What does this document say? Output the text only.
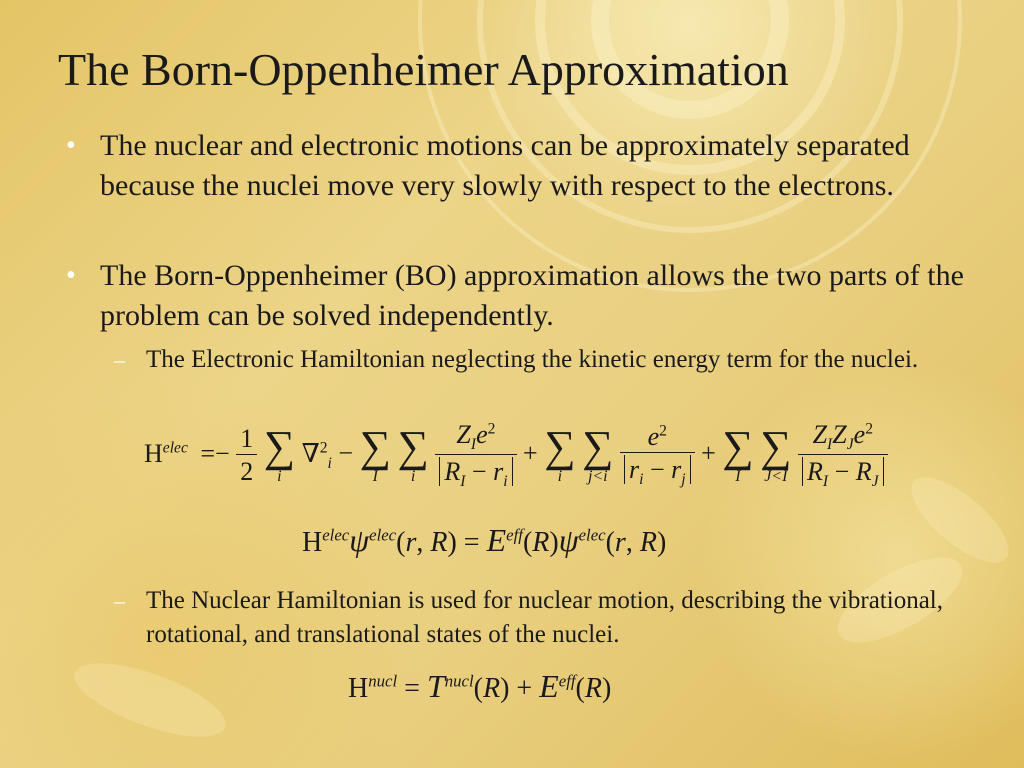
The Born-Oppenheimer Approximation
• The nuclear and electronic motions can be approximately separated because the nuclei move very slowly with respect to the electrons.
• The Born-Oppenheimer (BO) approximation allows the two parts of the problem can be solved independently.
– The Electronic Hamiltonian neglecting the kinetic energy term for the nuclei.
$H^{elec} =- \frac{1}{2}$
∑
i
∇$^2_i$ − ∑
I

∑
i
$\frac{Z_Ie^2}{R_I - r_i}$ + ∑
i

∑
j<i
$\frac{e^2}{r_i - r_j}$ + ∑
I

∑
J<I
$\frac{Z_IZ_Je^2}{R_I - R_J}$
$H^{elec}\psi^{elec}(r$, $R) = E^{eff}(R)\psi^{elec}(r$, R)
– The Nuclear Hamiltonian is used for nuclear motion, describing the vibrational, rotational, and translational states of the nuclei.
$H^{nucl} = T^{nucl}(R) + E^{eff}(R)$
